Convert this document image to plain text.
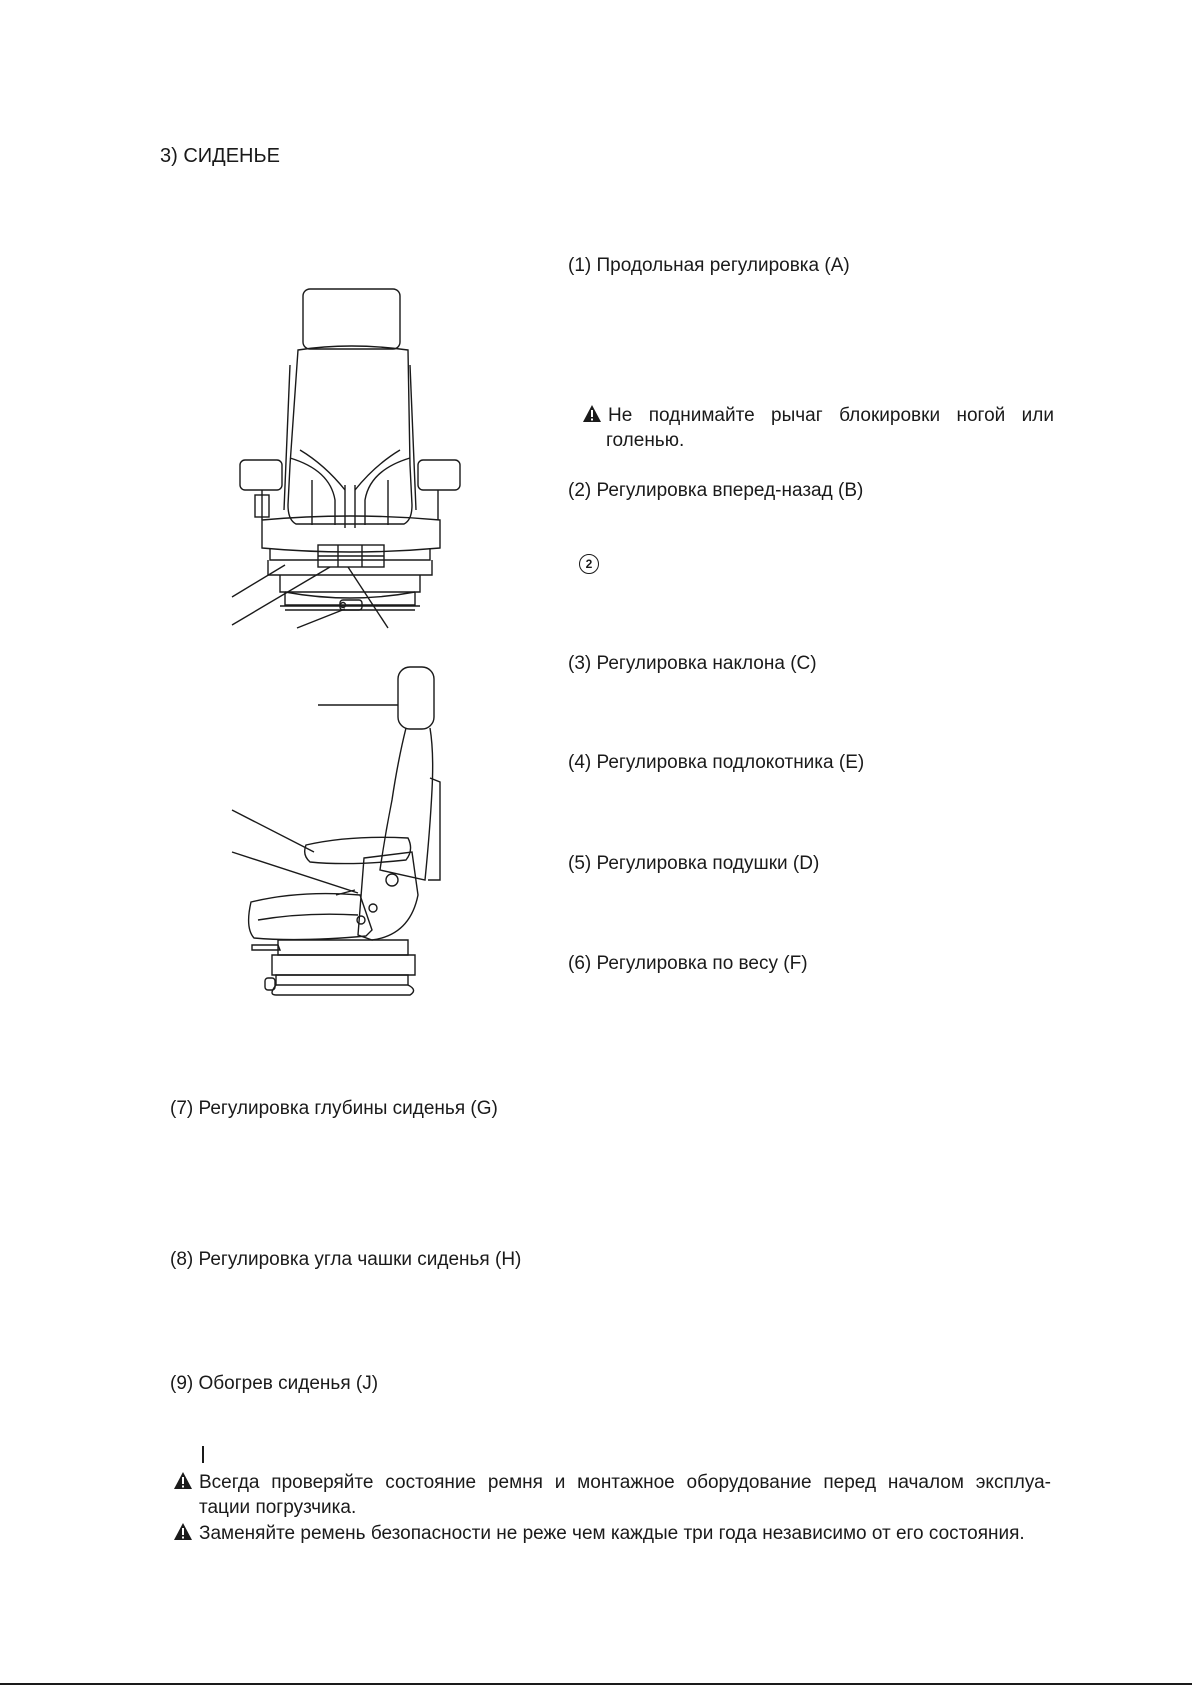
3) СИДЕНЬЕ

(1) Продольная регулировка (A)

Не поднимайте рычаг блокировки ногой или
голенью.

(2) Регулировка вперед-назад (B)

2

(3) Регулировка наклона (C)

(4) Регулировка подлокотника (E)

(5) Регулировка подушки (D)

(6) Регулировка по весу (F)

(7) Регулировка глубины сиденья (G)

(8) Регулировка угла чашки сиденья (H)

(9) Обогрев сиденья (J)

Всегда проверяйте состояние ремня и монтажное оборудование перед началом эксплуа-
тации погрузчика.
Заменяйте ремень безопасности не реже чем каждые три года независимо от его состояния.
